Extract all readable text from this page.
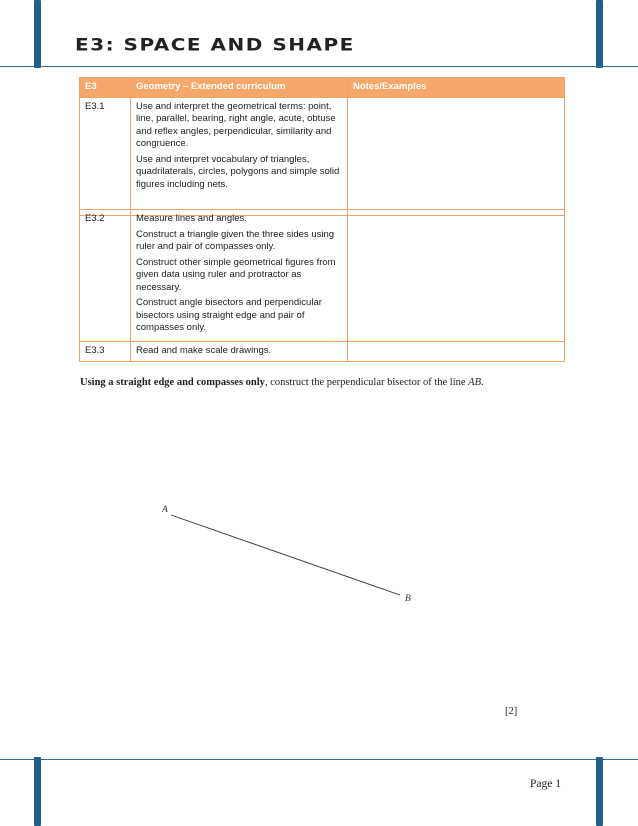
E3: SPACE AND SHAPE
E3	Geometry – Extended curriculum	Notes/Examples
E3.1	Use and interpret the geometrical terms: point, line, parallel, bearing, right angle, acute, obtuse and reflex angles, perpendicular, similarity and congruence.

Use and interpret vocabulary of triangles, quadrilaterals, circles, polygons and simple solid figures including nets.	

E3.2	Measure lines and angles.

Construct a triangle given the three sides using ruler and pair of compasses only.

Construct other simple geometrical figures from given data using ruler and protractor as necessary.

Construct angle bisectors and perpendicular bisectors using straight edge and pair of compasses only.	

E3.3	Read and make scale drawings.	

Using a straight edge and compasses only, construct the perpendicular bisector of the line AB.
A
B
[2]
Page 1
